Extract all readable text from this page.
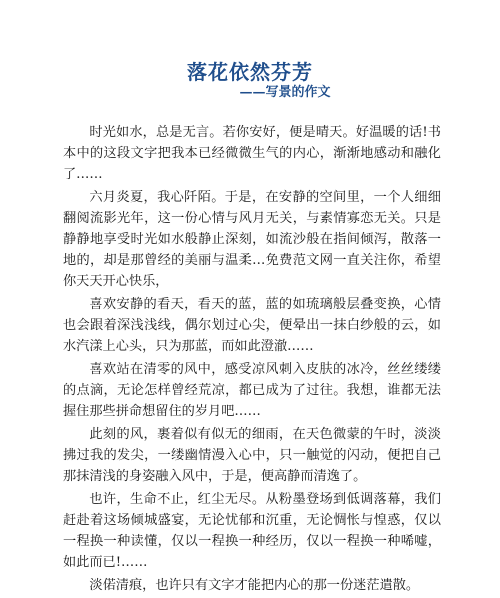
落花依然芬芳
——写景的作文

时光如水，总是无言。若你安好，便是晴天。好温暖的话!书本中的这段文字把我本已经微微生气的内心，渐渐地感动和融化了……

六月炎夏，我心阡陌。于是，在安静的空间里，一个人细细翻阅流影光年，这一份心情与风月无关，与素情寡恋无关。只是静静地享受时光如水般静止深刻，如流沙般在指间倾泻，散落一地的，却是那曾经的美丽与温柔…免费范文网一直关注你，希望你天天开心快乐，

喜欢安静的看天，看天的蓝，蓝的如琉璃般层叠变换，心情也会跟着深浅浅线，偶尔划过心尖，便晕出一抹白纱般的云，如水汽漾上心头，只为那蓝，而如此澄澈……

喜欢站在清零的风中，感受凉风刺入皮肤的冰冷，丝丝缕缕的点滴，无论怎样曾经荒凉，都已成为了过往。我想，谁都无法握住那些拼命想留住的岁月吧……

此刻的风，裹着似有似无的细雨，在天色微蒙的午时，淡淡拂过我的发尖，一缕幽情漫入心中，只一触觉的闪动，便把自己那抹清浅的身姿融入风中，于是，便高静而清逸了。

也许，生命不止，红尘无尽。从粉墨登场到低调落幕，我们赶赴着这场倾城盛宴，无论忧郁和沉重，无论惆怅与惶惑，仅以一程换一种读懂，仅以一程换一种经历，仅以一程换一种唏嘘，如此而已!……

淡偌清痕，也许只有文字才能把内心的那一份迷茫遣散。
